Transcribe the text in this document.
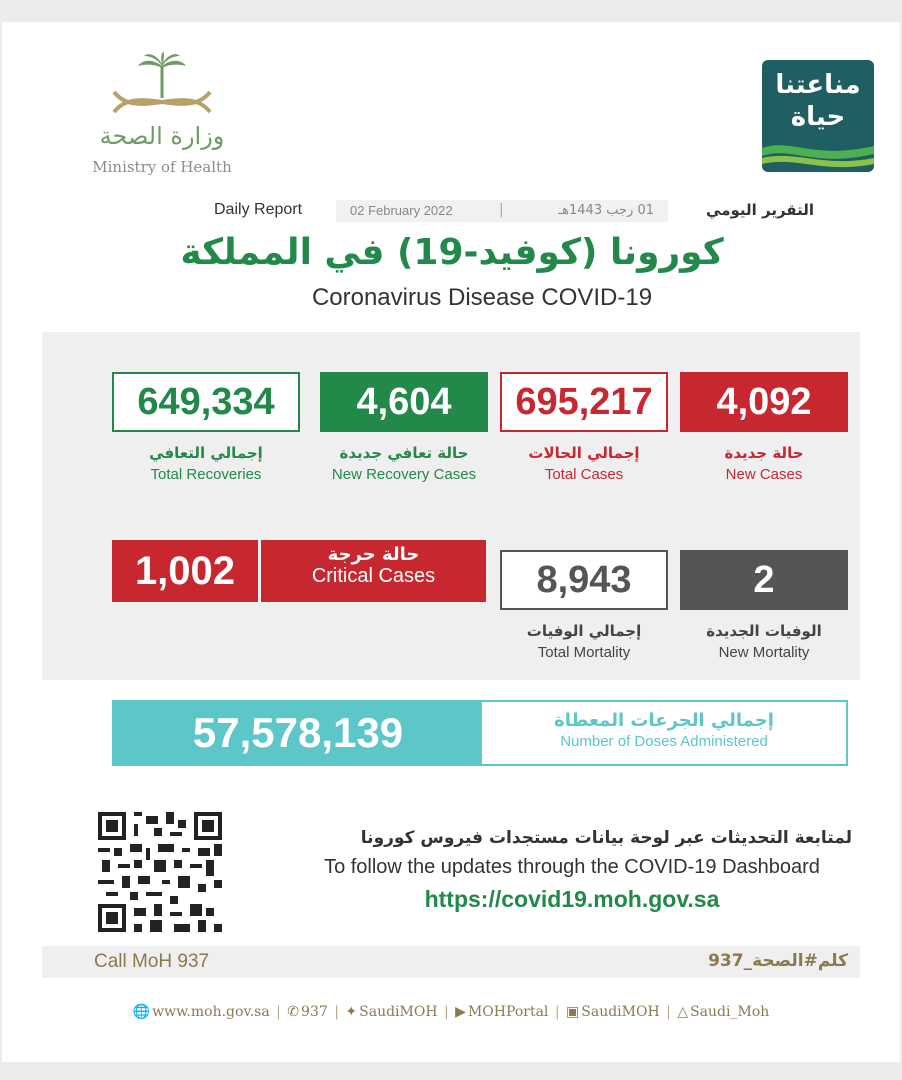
وزارة الصحة
Ministry of Health
مناعتنا
حياة
Daily Report	02 February 2022	|	01 رجب 1443هـ	التقرير اليومي
كورونا (كوفيد-19) في المملكة
Coronavirus Disease COVID-19
649,334	4,604	695,217	4,092
إجمالي التعافي
Total Recoveries
حالة تعافي جديدة
New Recovery Cases
إجمالي الحالات
Total Cases
حالة جديدة
New Cases
1,002	حالة حرجة
Critical Cases	8,943	2
إجمالي الوفيات
Total Mortality
الوفيات الجديدة
New Mortality
57,578,139	إجمالي الجرعات المعطاة
Number of Doses Administered
لمتابعة التحديثات عبر لوحة بيانات مستجدات فيروس كورونا
To follow the updates through the COVID-19 Dashboard
https://covid19.moh.gov.sa
Call MoH 937	كلم#الصحة_937
🌐 www.moh.gov.sa | ✆ 937 | ✦ SaudiMOH | ▶ MOHPortal | ▣ SaudiMOH | △ Saudi_Moh
